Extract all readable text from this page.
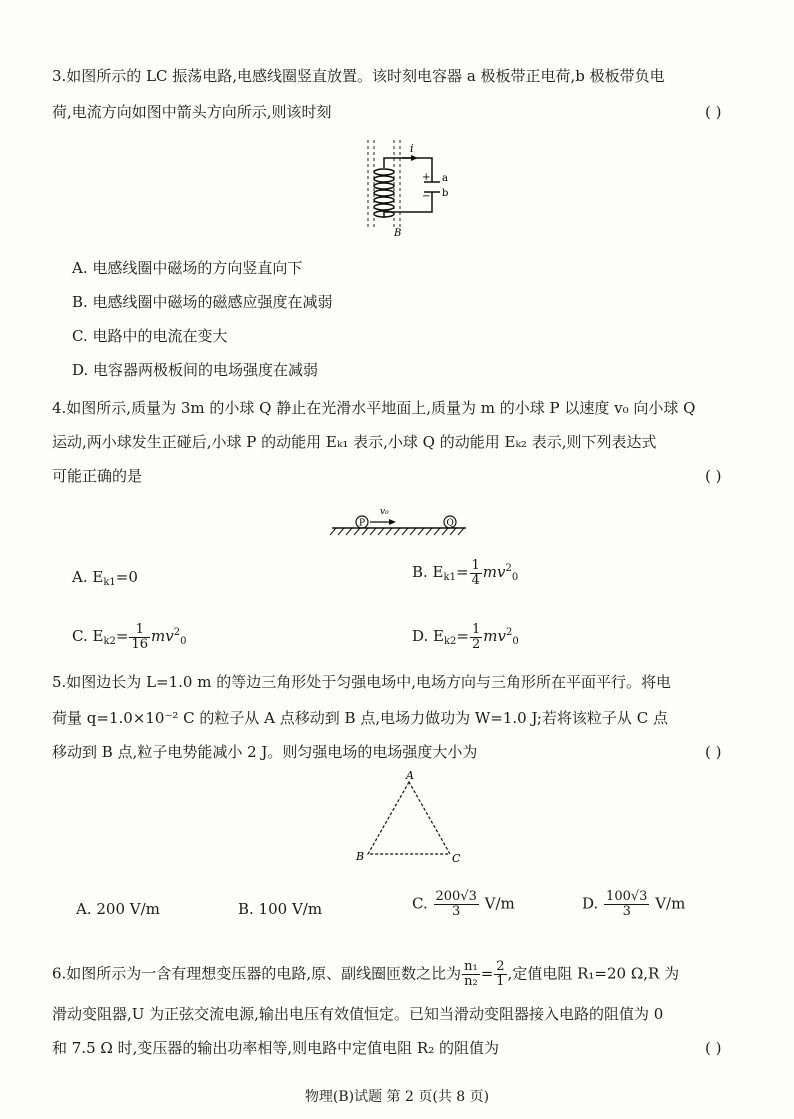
3.如图所示的 LC 振荡电路,电感线圈竖直放置。该时刻电容器 a 极板带正电荷,b 极板带负电
荷,电流方向如图中箭头方向所示,则该时刻	( )
i
+
−
a
b
B
A. 电感线圈中磁场的方向竖直向下
B. 电感线圈中磁场的磁感应强度在减弱
C. 电路中的电流在变大
D. 电容器两极板间的电场强度在减弱
4.如图所示,质量为 3m 的小球 Q 静止在光滑水平地面上,质量为 m 的小球 P 以速度 v₀ 向小球 Q
运动,两小球发生正碰后,小球 P 的动能用 Eₖ₁ 表示,小球 Q 的动能用 Eₖ₂ 表示,则下列表达式
可能正确的是	( )
P
v₀
Q
A. $E_{k1}=0$	B. $E_{k1}= \frac{1}{4} mv^2_0$
C. $E_{k2}= \frac{1}{16} mv^2_0$	D. $E_{k2}= \frac{1}{2} mv^2_0$
5.如图边长为 L=1.0 m 的等边三角形处于匀强电场中,电场方向与三角形所在平面平行。将电
荷量 q=1.0×10⁻² C 的粒子从 A 点移动到 B 点,电场力做功为 W=1.0 J;若将该粒子从 C 点
移动到 B 点,粒子电势能减小 2 J。则匀强电场的电场强度大小为	( )
A
B	C
A. 200 V/m	B. 100 V/m	C. $\frac{200√3}{3} V/m$	D. $\frac{100√3}{3} V/m$
6.如图所示为一含有理想变压器的电路,原、副线圈匝数之比为 $\frac{\text{n₁}}{\text{n₂}} = \frac{2}{1}$ ,定值电阻 R₁=20 Ω,R 为
滑动变阻器,U 为正弦交流电源,输出电压有效值恒定。已知当滑动变阻器接入电路的阻值为 0
和 7.5 Ω 时,变压器的输出功率相等,则电路中定值电阻 R₂ 的阻值为	( )
物理(B)试题 第 2 页(共 8 页)
